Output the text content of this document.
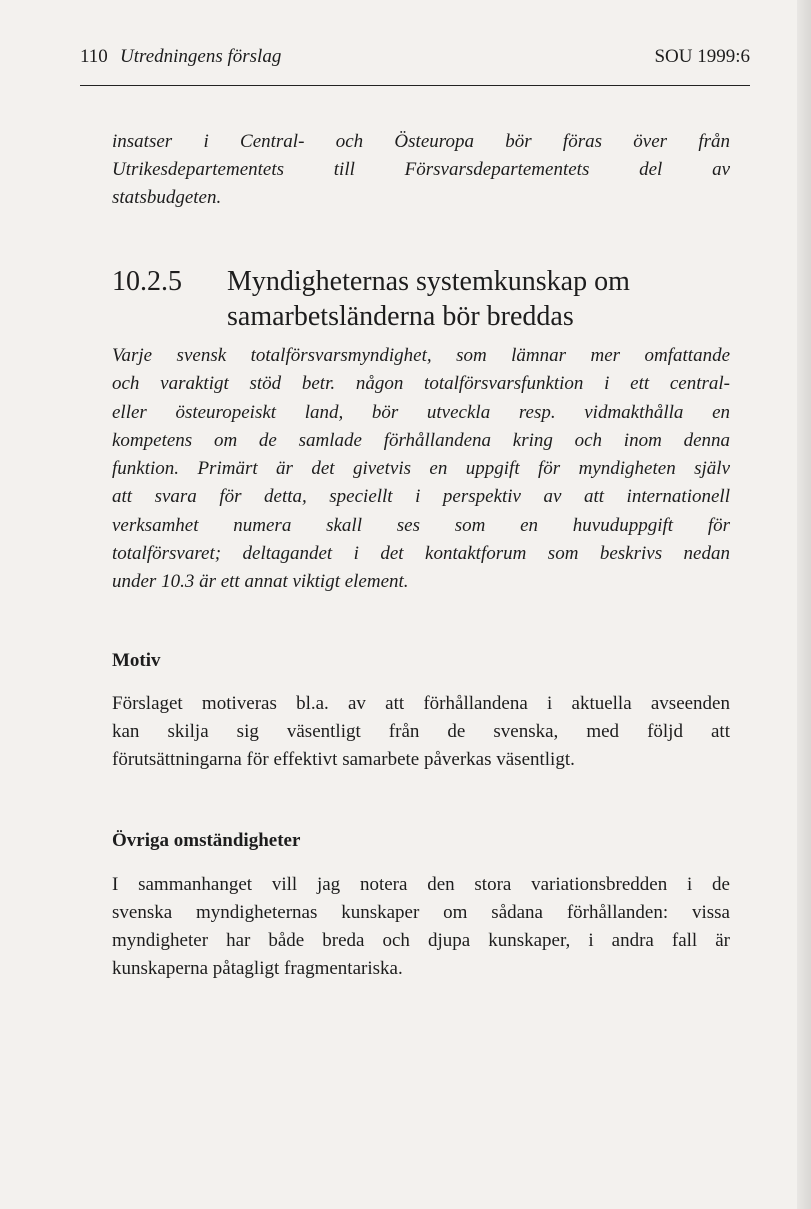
110 Utredningens förslag	SOU 1999:6
insatser i Central- och Östeuropa bör föras över från
Utrikesdepartementets till Försvarsdepartementets del av
statsbudgeten.
10.2.5 Myndigheternas systemkunskap om
samarbetsländerna bör breddas
Varje svensk totalförsvarsmyndighet, som lämnar mer omfattande
och varaktigt stöd betr. någon totalförsvarsfunktion i ett central-
eller östeuropeiskt land, bör utveckla resp. vidmakthålla en
kompetens om de samlade förhållandena kring och inom denna
funktion. Primärt är det givetvis en uppgift för myndigheten själv
att svara för detta, speciellt i perspektiv av att internationell
verksamhet numera skall ses som en huvuduppgift för
totalförsvaret; deltagandet i det kontaktforum som beskrivs nedan
under 10.3 är ett annat viktigt element.
Motiv
Förslaget motiveras bl.a. av att förhållandena i aktuella avseenden
kan skilja sig väsentligt från de svenska, med följd att
förutsättningarna för effektivt samarbete påverkas väsentligt.
Övriga omständigheter
I sammanhanget vill jag notera den stora variationsbredden i de
svenska myndigheternas kunskaper om sådana förhållanden: vissa
myndigheter har både breda och djupa kunskaper, i andra fall är
kunskaperna påtagligt fragmentariska.
